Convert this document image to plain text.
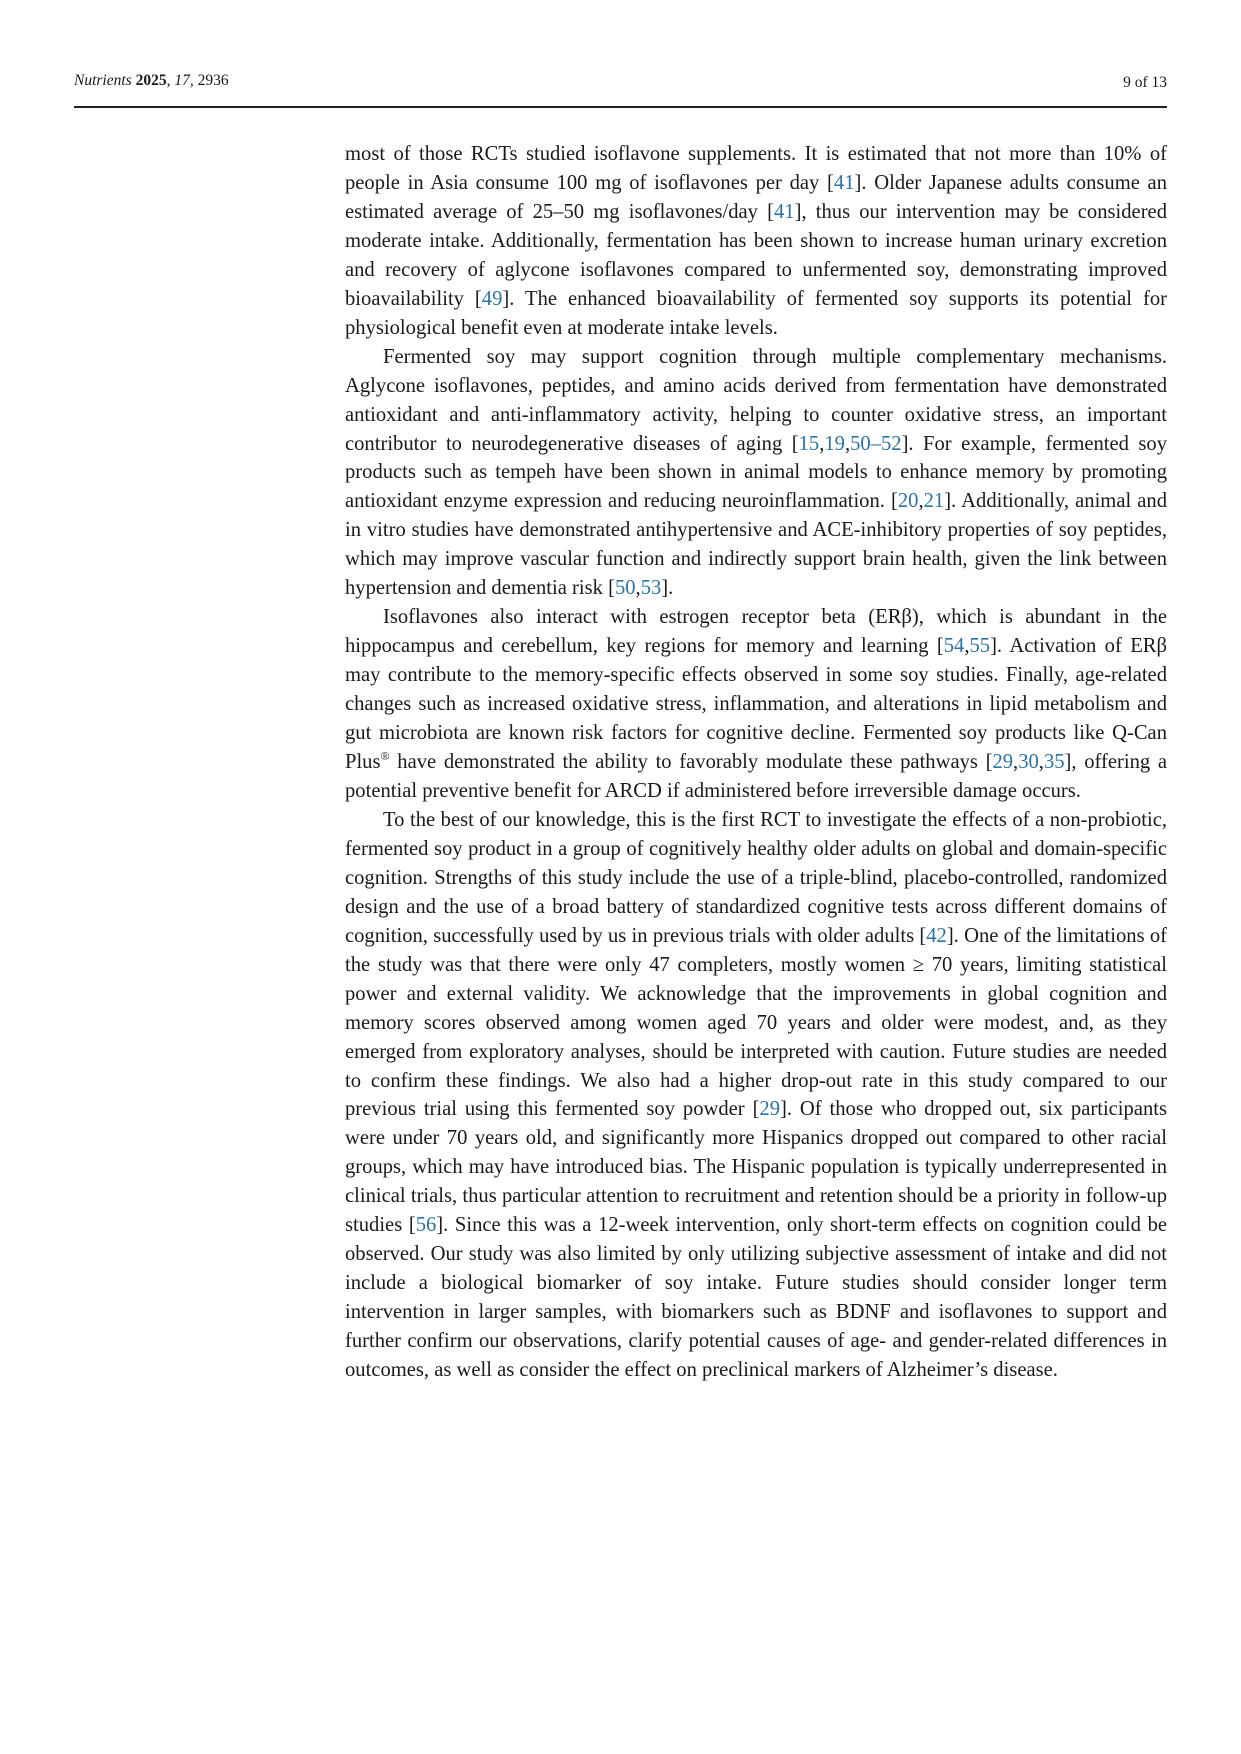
Nutrients 2025, 17, 2936	9 of 13

most of those RCTs studied isoflavone supplements. It is estimated that not more than 10% of people in Asia consume 100 mg of isoflavones per day [41]. Older Japanese adults consume an estimated average of 25–50 mg isoflavones/day [41], thus our intervention may be considered moderate intake. Additionally, fermentation has been shown to increase human urinary excretion and recovery of aglycone isoflavones compared to unfermented soy, demonstrating improved bioavailability [49]. The enhanced bioavailability of fermented soy supports its potential for physiological benefit even at moderate intake levels.

Fermented soy may support cognition through multiple complementary mechanisms. Aglycone isoflavones, peptides, and amino acids derived from fermentation have demonstrated antioxidant and anti-inflammatory activity, helping to counter oxidative stress, an important contributor to neurodegenerative diseases of aging [15,19,50–52]. For example, fermented soy products such as tempeh have been shown in animal models to enhance memory by promoting antioxidant enzyme expression and reducing neuroinflammation. [20,21]. Additionally, animal and in vitro studies have demonstrated antihypertensive and ACE-inhibitory properties of soy peptides, which may improve vascular function and indirectly support brain health, given the link between hypertension and dementia risk [50,53].

Isoflavones also interact with estrogen receptor beta (ERβ), which is abundant in the hippocampus and cerebellum, key regions for memory and learning [54,55]. Activation of ERβ may contribute to the memory-specific effects observed in some soy studies. Finally, age-related changes such as increased oxidative stress, inflammation, and alterations in lipid metabolism and gut microbiota are known risk factors for cognitive decline. Fermented soy products like Q-Can Plus® have demonstrated the ability to favorably modulate these pathways [29,30,35], offering a potential preventive benefit for ARCD if administered before irreversible damage occurs.

To the best of our knowledge, this is the first RCT to investigate the effects of a non-probiotic, fermented soy product in a group of cognitively healthy older adults on global and domain-specific cognition. Strengths of this study include the use of a triple-blind, placebo-controlled, randomized design and the use of a broad battery of standardized cognitive tests across different domains of cognition, successfully used by us in previous trials with older adults [42]. One of the limitations of the study was that there were only 47 completers, mostly women ≥ 70 years, limiting statistical power and external validity. We acknowledge that the improvements in global cognition and memory scores observed among women aged 70 years and older were modest, and, as they emerged from exploratory analyses, should be interpreted with caution. Future studies are needed to confirm these findings. We also had a higher drop-out rate in this study compared to our previous trial using this fermented soy powder [29]. Of those who dropped out, six participants were under 70 years old, and significantly more Hispanics dropped out compared to other racial groups, which may have introduced bias. The Hispanic population is typically underrepresented in clinical trials, thus particular attention to recruitment and retention should be a priority in follow-up studies [56]. Since this was a 12-week intervention, only short-term effects on cognition could be observed. Our study was also limited by only utilizing subjective assessment of intake and did not include a biological biomarker of soy intake. Future studies should consider longer term intervention in larger samples, with biomarkers such as BDNF and isoflavones to support and further confirm our observations, clarify potential causes of age- and gender-related differences in outcomes, as well as consider the effect on preclinical markers of Alzheimer’s disease.
